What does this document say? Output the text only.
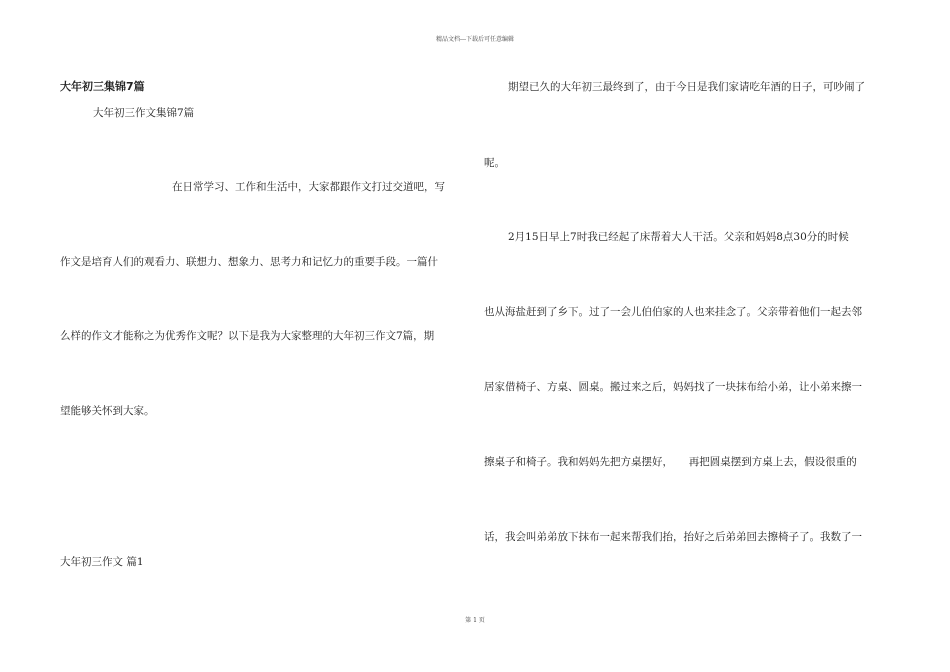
精品文档---下载后可任意编辑
大年初三集锦7篇
大年初三作文集锦7篇
在日常学习、工作和生活中，大家都跟作文打过交道吧，写
作文是培育人们的观看力、联想力、想象力、思考力和记忆力的重要手段。一篇什
么样的作文才能称之为优秀作文呢？以下是我为大家整理的大年初三作文7篇，期
望能够关怀到大家。
大年初三作文 篇1
期望已久的大年初三最终到了，由于今日是我们家请吃年酒的日子，可吵闹了
呢。
2月15日早上7时我已经起了床帮着大人干活。父亲和妈妈8点30分的时候
也从海盐赶到了乡下。过了一会儿伯伯家的人也来挂念了。父亲带着他们一起去邻
居家借椅子、方桌、圆桌。搬过来之后，妈妈找了一块抹布给小弟，让小弟来擦一
擦桌子和椅子。我和妈妈先把方桌摆好，　　再把圆桌摆到方桌上去，假设很重的
话，我会叫弟弟放下抹布一起来帮我们抬，抬好之后弟弟回去擦椅子了。我数了一
第 1 页
